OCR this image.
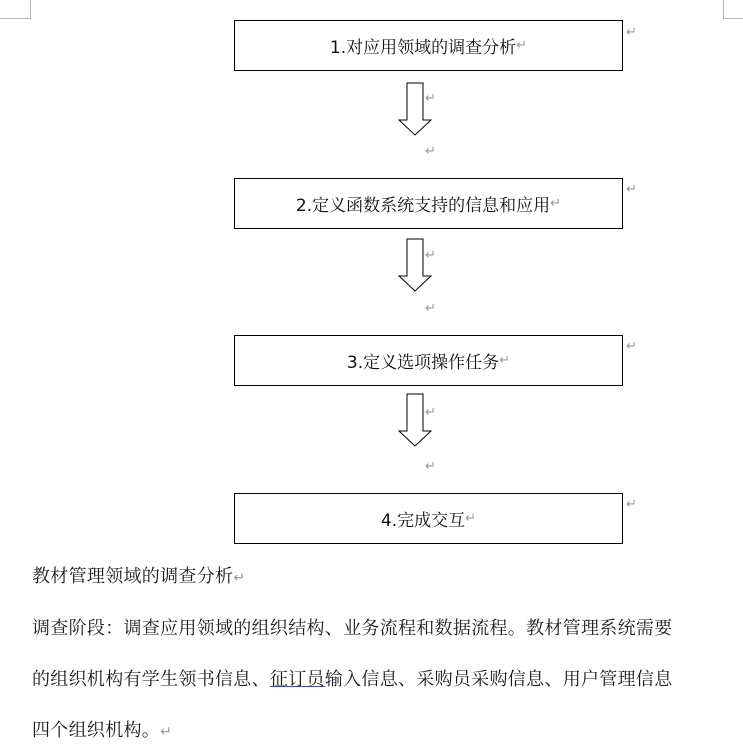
1.对应用领域的调查分析 ↵
↵
↵
↵
2.定义函数系统支持的信息和应用 ↵
↵
↵
↵
3.定义选项操作任务 ↵
↵
↵
↵
4.完成交互 ↵
↵
教材管理领域的调查分析↵
调查阶段：调查应用领域的组织结构、业务流程和数据流程。教材管理系统需要
的组织机构有学生领书信息、征订员输入信息、采购员采购信息、用户管理信息
四个组织机构。↵
